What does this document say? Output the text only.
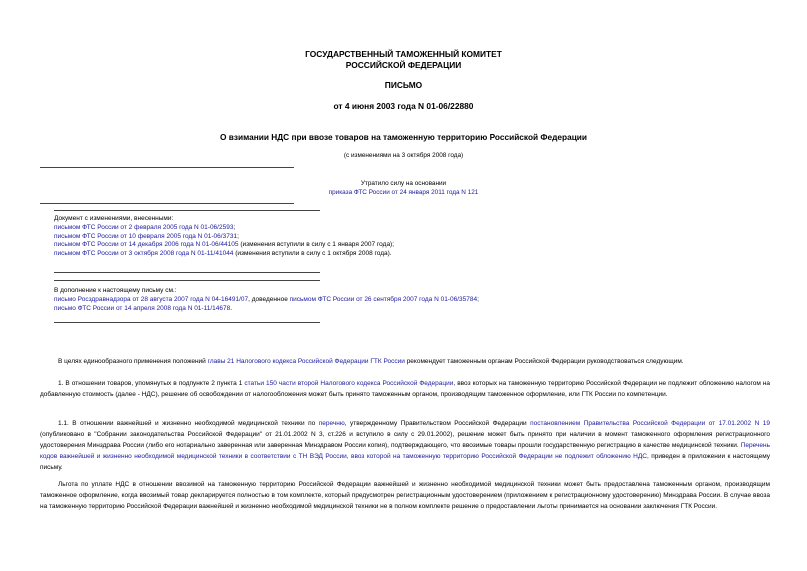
ГОСУДАРСТВЕННЫЙ ТАМОЖЕННЫЙ КОМИТЕТ
РОССИЙСКОЙ ФЕДЕРАЦИИ
ПИСЬМО
от 4 июня 2003 года N 01-06/22880
О взимании НДС при ввозе товаров на таможенную территорию Российской Федерации
(с изменениями на 3 октября 2008 года)
Утратило силу на основании
приказа ФТС России от 24 января 2011 года N 121
Документ с изменениями, внесенными:
письмом ФТС России от 2 февраля 2005 года N 01-06/2593;
письмом ФТС России от 10 февраля 2005 года N 01-06/3731;
письмом ФТС России от 14 декабря 2006 года N 01-06/44105 (изменения вступили в силу с 1 января 2007 года);
письмом ФТС России от 3 октября 2008 года N 01-11/41044 (изменения вступили в силу с 1 октября 2008 года).
В дополнение к настоящему письму см.:
письмо Росздравнадзора от 28 августа 2007 года N 04-16491/07, доведенное письмом ФТС России от 26 сентября 2007 года N 01-06/35784;
письмо ФТС России от 14 апреля 2008 года N 01-11/14678.
В целях единообразного применения положений главы 21 Налогового кодекса Российской Федерации ГТК России рекомендует таможенным органам Российской Федерации руководствоваться следующим.
1. В отношении товаров, упомянутых в подпункте 2 пункта 1 статьи 150 части второй Налогового кодекса Российской Федерации, ввоз которых на таможенную территорию Российской Федерации не подлежит обложению налогом на добавленную стоимость (далее - НДС), решение об освобождении от налогообложения может быть принято таможенным органом, производящим таможенное оформление, или ГТК России по компетенции.
1.1. В отношении важнейшей и жизненно необходимой медицинской техники по перечню, утвержденному Правительством Российской Федерации постановлением Правительства Российской Федерации от 17.01.2002 N 19 (опубликовано в "Собрании законодательства Российской Федерации" от 21.01.2002 N 3, ст.226 и вступило в силу с 29.01.2002), решение может быть принято при наличии в момент таможенного оформления регистрационного удостоверения Минздрава России (либо его нотариально заверенная или заверенная Минздравом России копия), подтверждающего, что ввозимые товары прошли государственную регистрацию в качестве медицинской техники. Перечень кодов важнейшей и жизненно необходимой медицинской техники в соответствии с ТН ВЭД России, ввоз которой на таможенную территорию Российской Федерации не подлежит обложению НДС, приведен в приложении к настоящему письму.
Льгота по уплате НДС в отношении ввозимой на таможенную территорию Российской Федерации важнейшей и жизненно необходимой медицинской техники может быть предоставлена таможенным органом, производящим таможенное оформление, когда ввозимый товар декларируется полностью в том комплекте, который предусмотрен регистрационным удостоверением (приложением к регистрационному удостоверению) Минздрава России. В случае ввоза на таможенную территорию Российской Федерации важнейшей и жизненно необходимой медицинской техники не в полном комплекте решение о предоставлении льготы принимается на основании заключения ГТК России.
